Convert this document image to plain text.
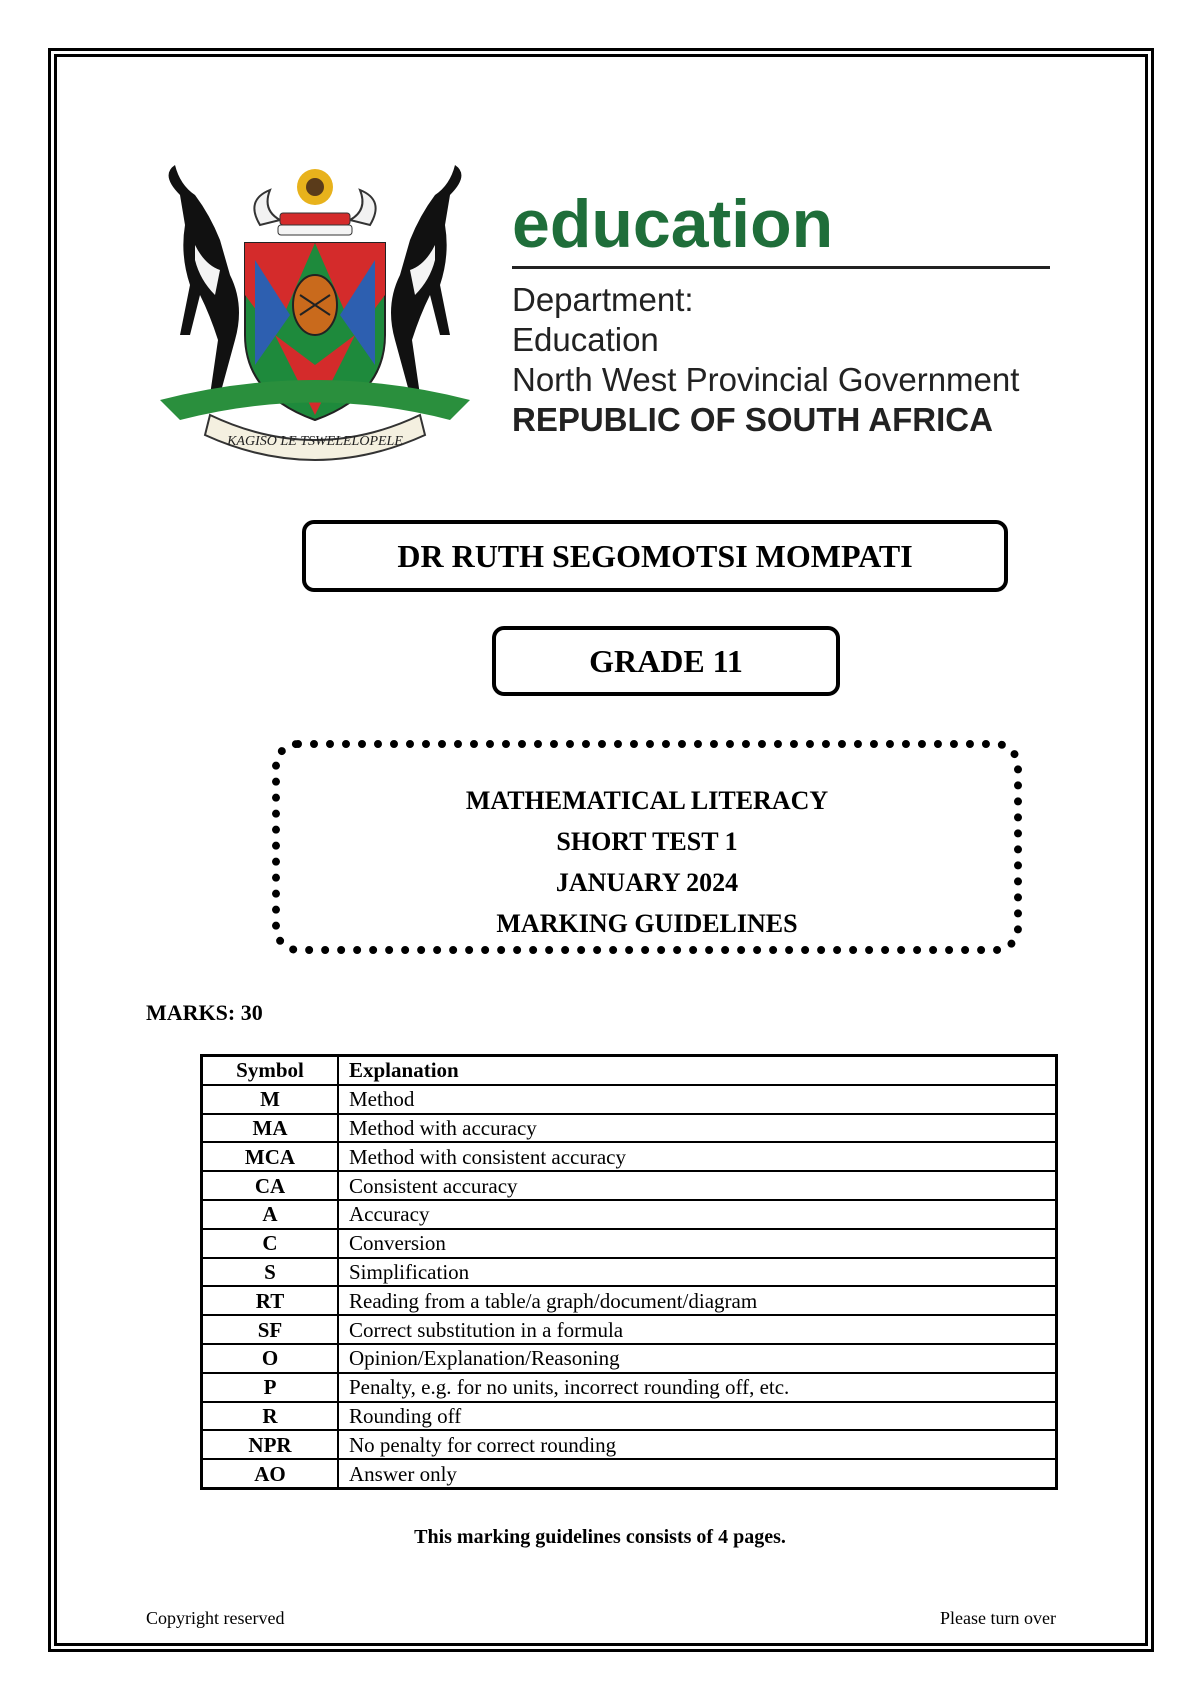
KAGISO LE TSWELELOPELE
education
Department:
Education
North West Provincial Government
REPUBLIC OF SOUTH AFRICA
DR RUTH SEGOMOTSI MOMPATI
GRADE 11
MATHEMATICAL LITERACY
SHORT TEST 1
JANUARY 2024
MARKING GUIDELINES
MARKS: 30
Symbol	Explanation
M	Method
MA	Method with accuracy
MCA	Method with consistent accuracy
CA	Consistent accuracy
A	Accuracy
C	Conversion
S	Simplification
RT	Reading from a table/a graph/document/diagram
SF	Correct substitution in a formula
O	Opinion/Explanation/Reasoning
P	Penalty, e.g. for no units, incorrect rounding off, etc.
R	Rounding off
NPR	No penalty for correct rounding
AO	Answer only
This marking guidelines consists of 4 pages.
Copyright reserved	Please turn over
